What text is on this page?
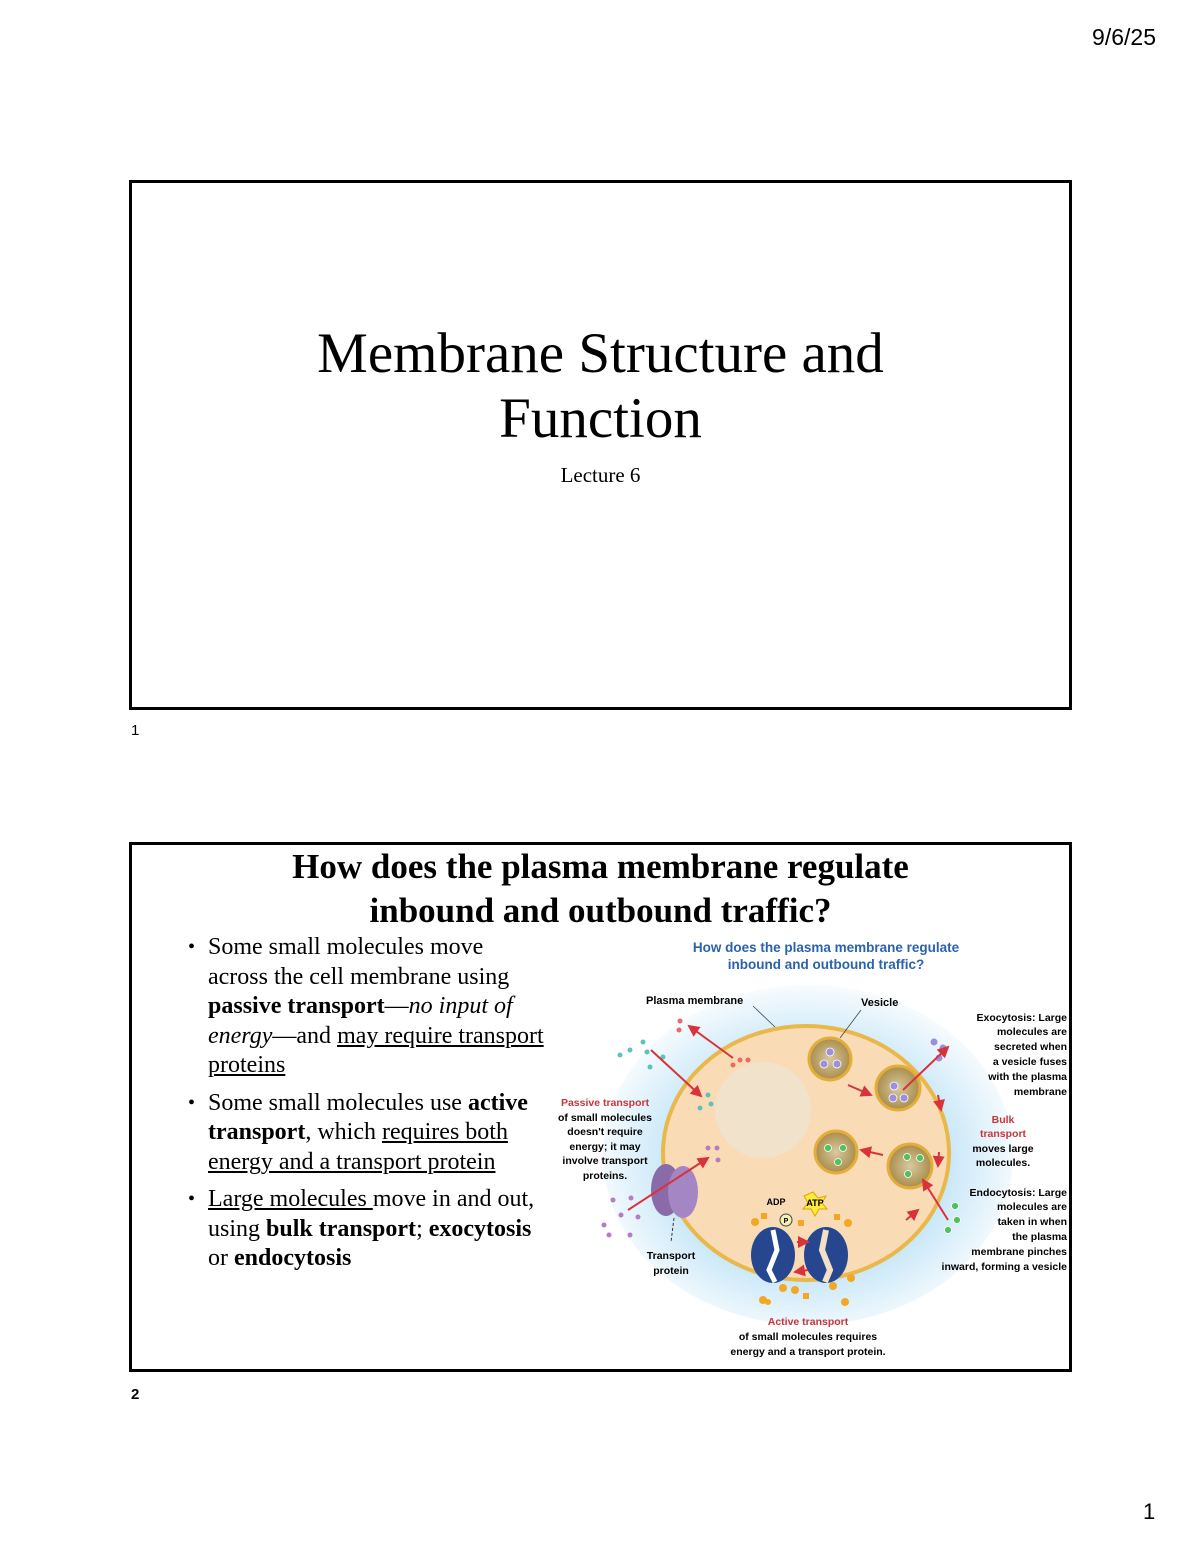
9/6/25
Membrane Structure and
Function
Lecture 6
1
How does the plasma membrane regulate
inbound and outbound traffic?
• Some small molecules move across the cell membrane using passive transport—no input of energy—and may require transport proteins
• Some small molecules use active transport, which requires both energy and a transport protein
• Large molecules move in and out, using bulk transport; exocytosis or endocytosis
How does the plasma membrane regulate
inbound and outbound traffic?
Plasma membrane	Vesicle
Exocytosis: Large
molecules are
secreted when
a vesicle fuses
with the plasma
membrane
Endocytosis: Large
molecules are
taken in when
the plasma
membrane pinches
inward, forming a vesicle
Passive transport
of small molecules
doesn't require
energy; it may
involve transport
proteins.
Bulk
transport
moves large
molecules.
Transport
protein
Active transport
of small molecules requires
energy and a transport protein.
ADP ATP
P
2
1
